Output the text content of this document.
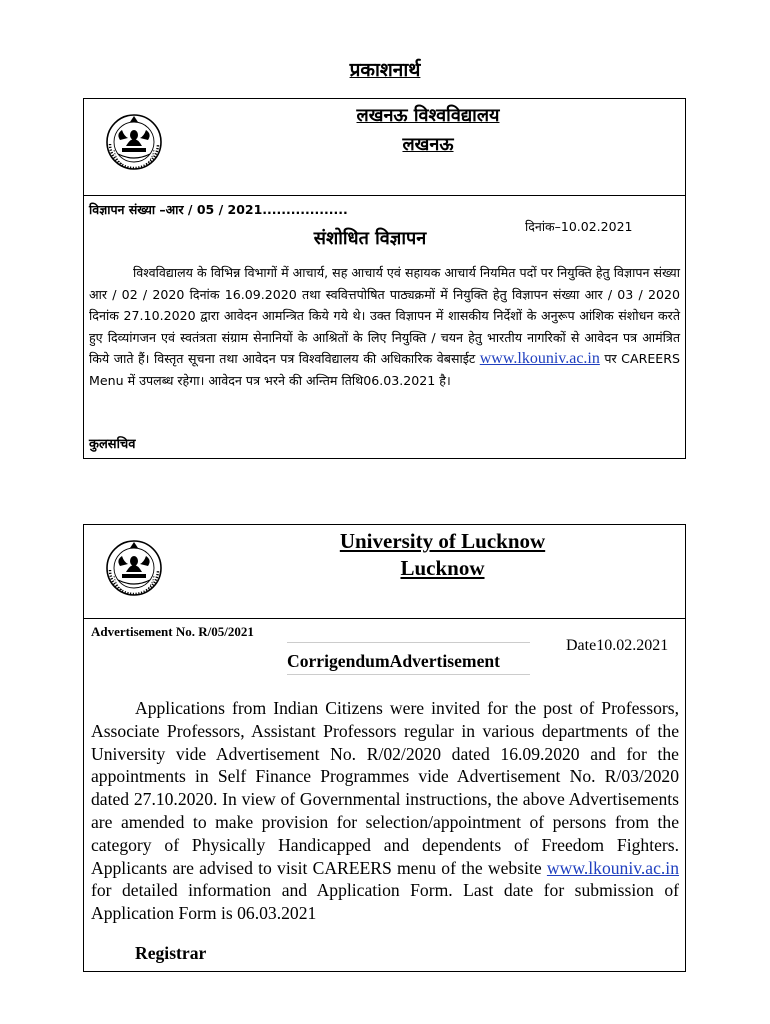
प्रकाशनार्थ
लखनऊ विश्वविद्यालय
लखनऊ
विज्ञापन संख्या –आर / 05 / 2021..................
दिनांक–10.02.2021
संशोधित विज्ञापन
विश्वविद्यालय के विभिन्न विभागों में आचार्य, सह आचार्य एवं सहायक आचार्य नियमित पदों पर नियुक्ति हेतु विज्ञापन संख्या आर / 02 / 2020 दिनांक 16.09.2020 तथा स्ववित्तपोषित पाठ्यक्रमों में नियुक्ति हेतु विज्ञापन संख्या आर / 03 / 2020 दिनांक 27.10.2020 द्वारा आवेदन आमन्त्रित किये गये थे। उक्त विज्ञापन में शासकीय निर्देशों के अनुरूप आंशिक संशोधन करते हुए दिव्यांगजन एवं स्वतंत्रता संग्राम सेनानियों के आश्रितों के लिए नियुक्ति / चयन हेतु भारतीय नागरिकों से आवेदन पत्र आमंत्रित किये जाते हैं। विस्तृत सूचना तथा आवेदन पत्र विश्वविद्यालय की अधिकारिक वेबसाईट www.lkouniv.ac.in पर CAREERS Menu में उपलब्ध रहेगा। आवेदन पत्र भरने की अन्तिम तिथि06.03.2021 है।
कुलसचिव
University of Lucknow
Lucknow
Advertisement No. R/05/2021
Date10.02.2021
CorrigendumAdvertisement
Applications from Indian Citizens were invited for the post of Professors, Associate Professors, Assistant Professors regular in various departments of the University vide Advertisement No. R/02/2020 dated 16.09.2020 and for the appointments in Self Finance Programmes vide Advertisement No. R/03/2020 dated 27.10.2020. In view of Governmental instructions, the above Advertisements are amended to make provision for selection/appointment of persons from the category of Physically Handicapped and dependents of Freedom Fighters. Applicants are advised to visit CAREERS menu of the website www.lkouniv.ac.in for detailed information and Application Form. Last date for submission of Application Form is 06.03.2021
Registrar
